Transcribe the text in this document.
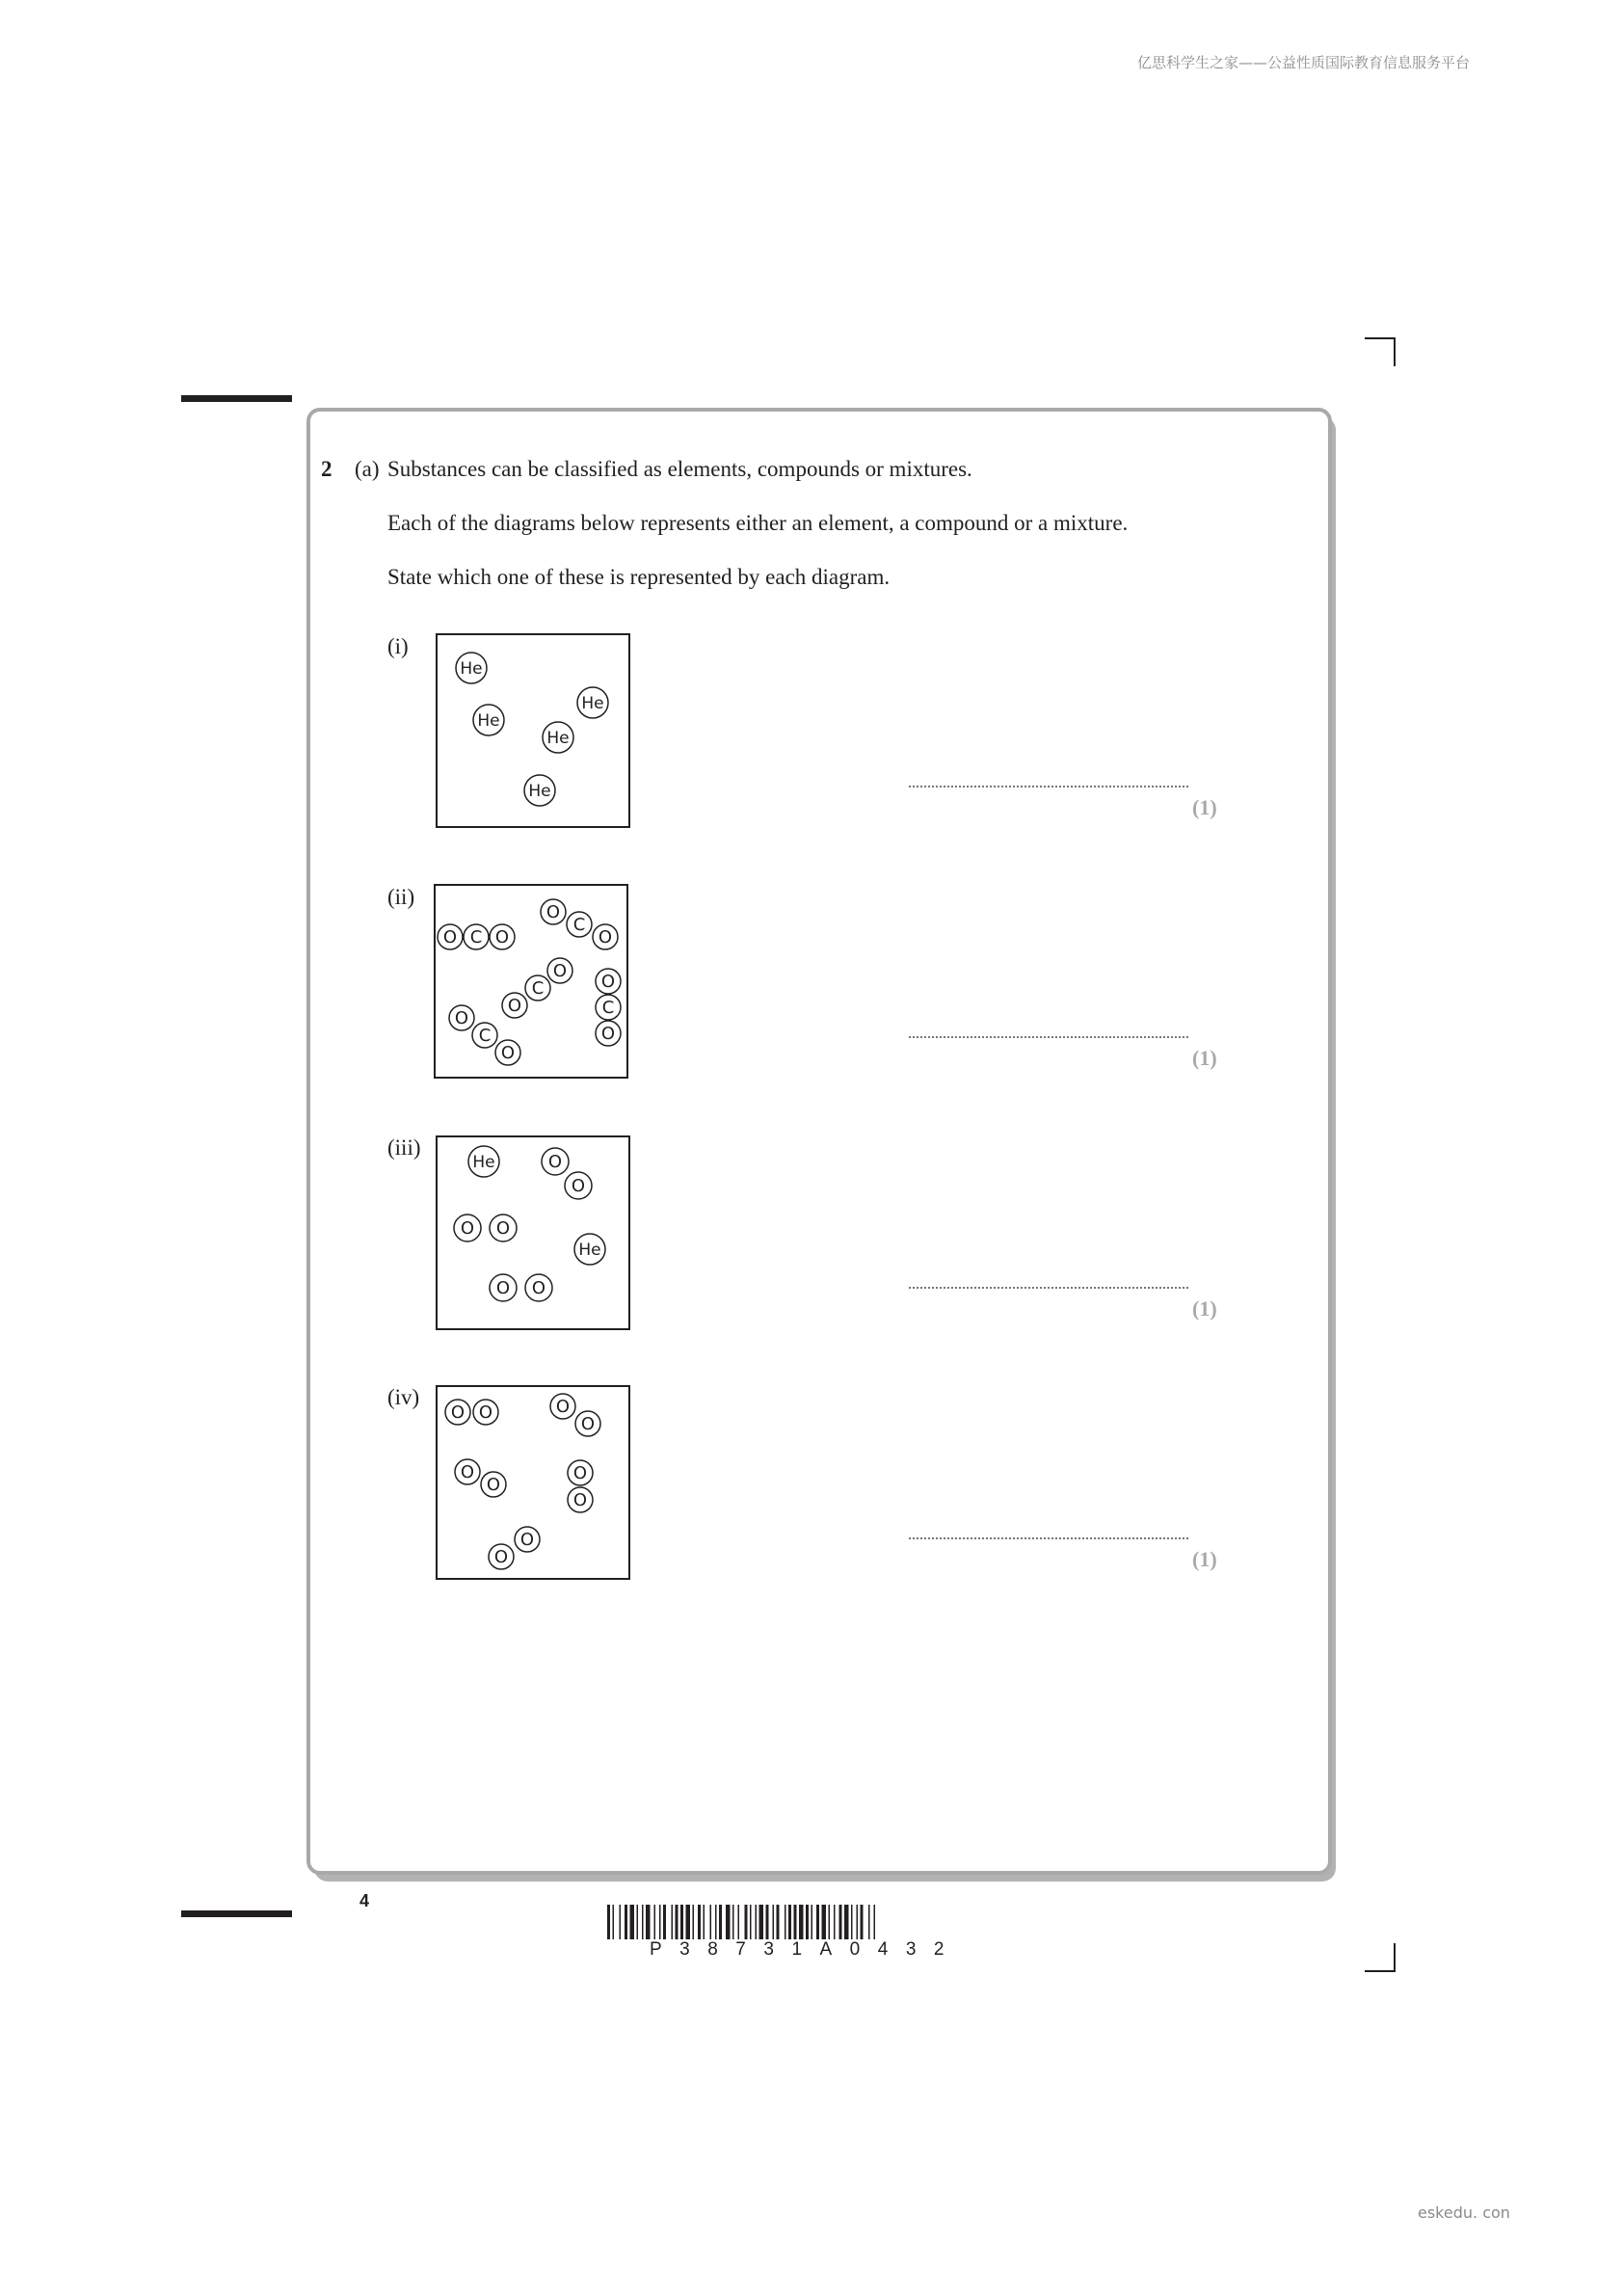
亿思科学生之家——公益性质国际教育信息服务平台
2 (a) Substances can be classified as elements, compounds or mixtures.
Each of the diagrams below represents either an element, a compound or a mixture.
State which one of these is represented by each diagram.
(i)
(ii)
(iii)
(iv)
He
He
He
He
He
O C O
O
C
O
O
C
O
O
C
O
O
C
O
He	O
O
O O
He
O O
O O	O
O
O
O
O
O
O
O
(1)
(1)
(1)
(1)
4
P38731A0432
eskedu. con
